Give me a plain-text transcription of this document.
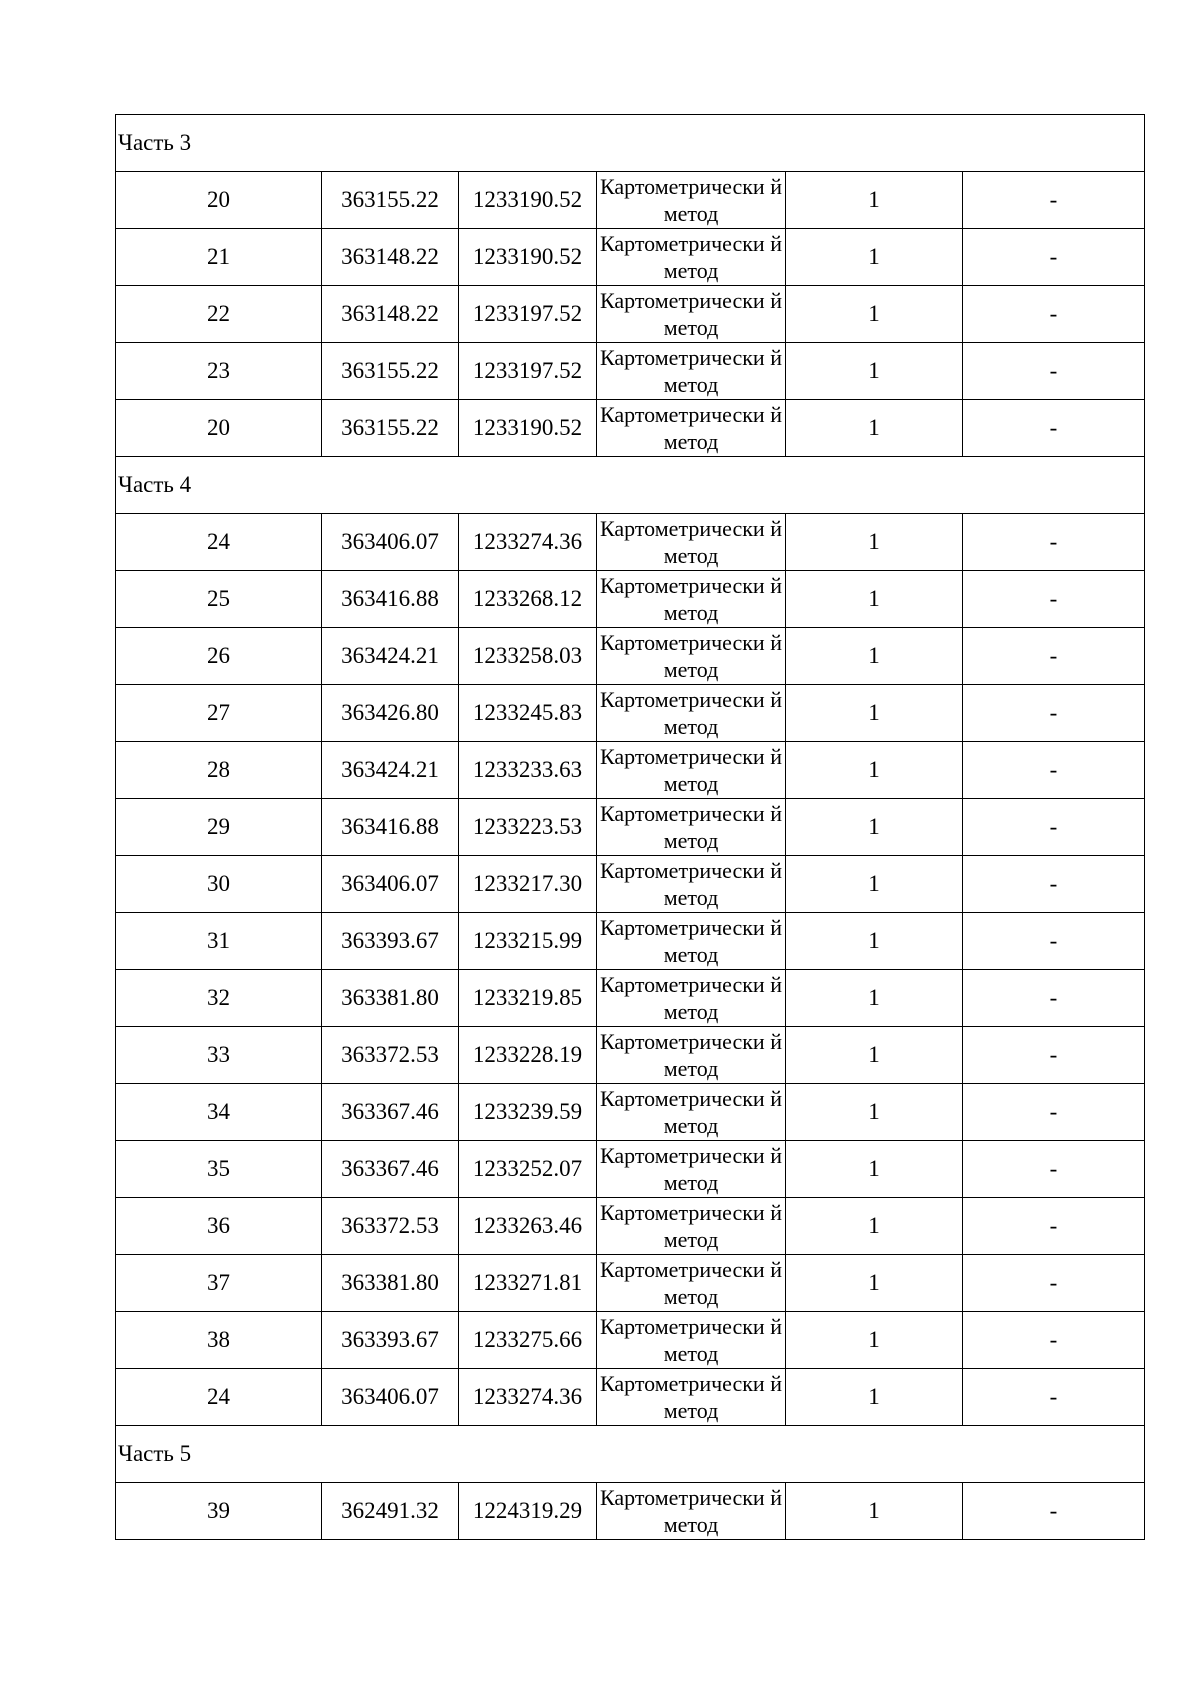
Часть 3					
20	363155.22	1233190.52	Картометрически й метод	1	-
21	363148.22	1233190.52	Картометрически й метод	1	-
22	363148.22	1233197.52	Картометрически й метод	1	-
23	363155.22	1233197.52	Картометрически й метод	1	-
20	363155.22	1233190.52	Картометрически й метод	1	-
Часть 4					
24	363406.07	1233274.36	Картометрически й метод	1	-
25	363416.88	1233268.12	Картометрически й метод	1	-
26	363424.21	1233258.03	Картометрически й метод	1	-
27	363426.80	1233245.83	Картометрически й метод	1	-
28	363424.21	1233233.63	Картометрически й метод	1	-
29	363416.88	1233223.53	Картометрически й метод	1	-
30	363406.07	1233217.30	Картометрически й метод	1	-
31	363393.67	1233215.99	Картометрически й метод	1	-
32	363381.80	1233219.85	Картометрически й метод	1	-
33	363372.53	1233228.19	Картометрически й метод	1	-
34	363367.46	1233239.59	Картометрически й метод	1	-
35	363367.46	1233252.07	Картометрически й метод	1	-
36	363372.53	1233263.46	Картометрически й метод	1	-
37	363381.80	1233271.81	Картометрически й метод	1	-
38	363393.67	1233275.66	Картометрически й метод	1	-
24	363406.07	1233274.36	Картометрически й метод	1	-
Часть 5					
39	362491.32	1224319.29	Картометрически й метод	1	-
